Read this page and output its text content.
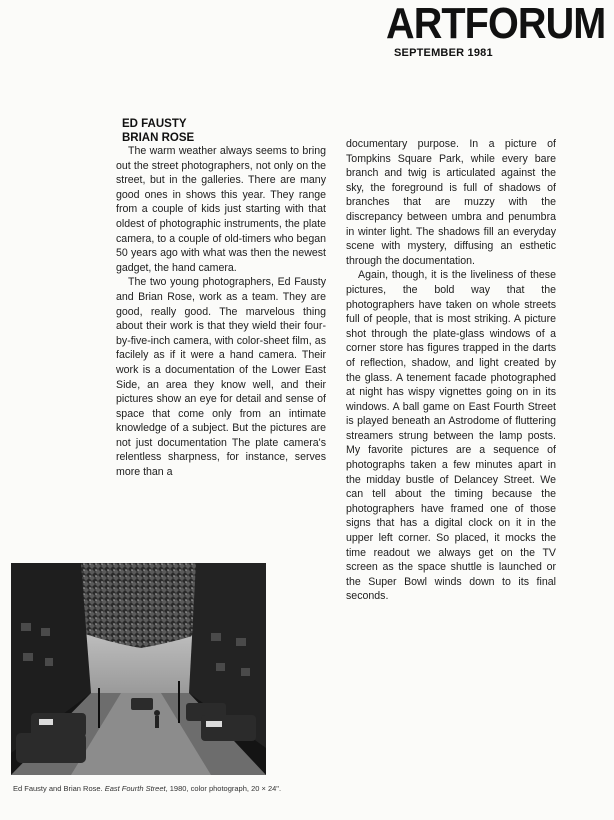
ARTFORUM
SEPTEMBER 1981
ED FAUSTY
BRIAN ROSE

The warm weather always seems to bring out the street photographers, not only on the street, but in the galleries. There are many good ones in shows this year. They range from a couple of kids just starting with that oldest of photographic instruments, the plate camera, to a couple of old-timers who began 50 years ago with what was then the newest gadget, the hand camera.

The two young photographers, Ed Fausty and Brian Rose, work as a team. They are good, really good. The marvelous thing about their work is that they wield their four-by-five-inch camera, with color-sheet film, as facilely as if it were a hand camera. Their work is a documentation of the Lower East Side, an area they know well, and their pictures show an eye for detail and sense of space that come only from an intimate knowledge of a subject. But the pictures are not just documentation The plate camera's relentless sharpness, for instance, serves more than a

documentary purpose. In a picture of Tompkins Square Park, while every bare branch and twig is articulated against the sky, the foreground is full of shadows of branches that are muzzy with the discrepancy between umbra and penumbra in winter light. The shadows fill an everyday scene with mystery, diffusing an esthetic through the documentation.

Again, though, it is the liveliness of these pictures, the bold way that the photographers have taken on whole streets full of people, that is most striking. A picture shot through the plate-glass windows of a corner store has figures trapped in the darts of reflection, shadow, and light created by the glass. A tenement facade photographed at night has wispy vignettes going on in its windows. A ball game on East Fourth Street is played beneath an Astrodome of fluttering streamers strung between the lamp posts. My favorite pictures are a sequence of photographs taken a few minutes apart in the midday bustle of Delancey Street. We can tell about the timing because the photographers have framed one of those signs that has a digital clock on it in the upper left corner. So placed, it mocks the time readout we always get on the TV screen as the space shuttle is launched or the Super Bowl winds down to its final seconds.

Ed Fausty and Brian Rose. East Fourth Street, 1980, color photograph, 20 × 24".
